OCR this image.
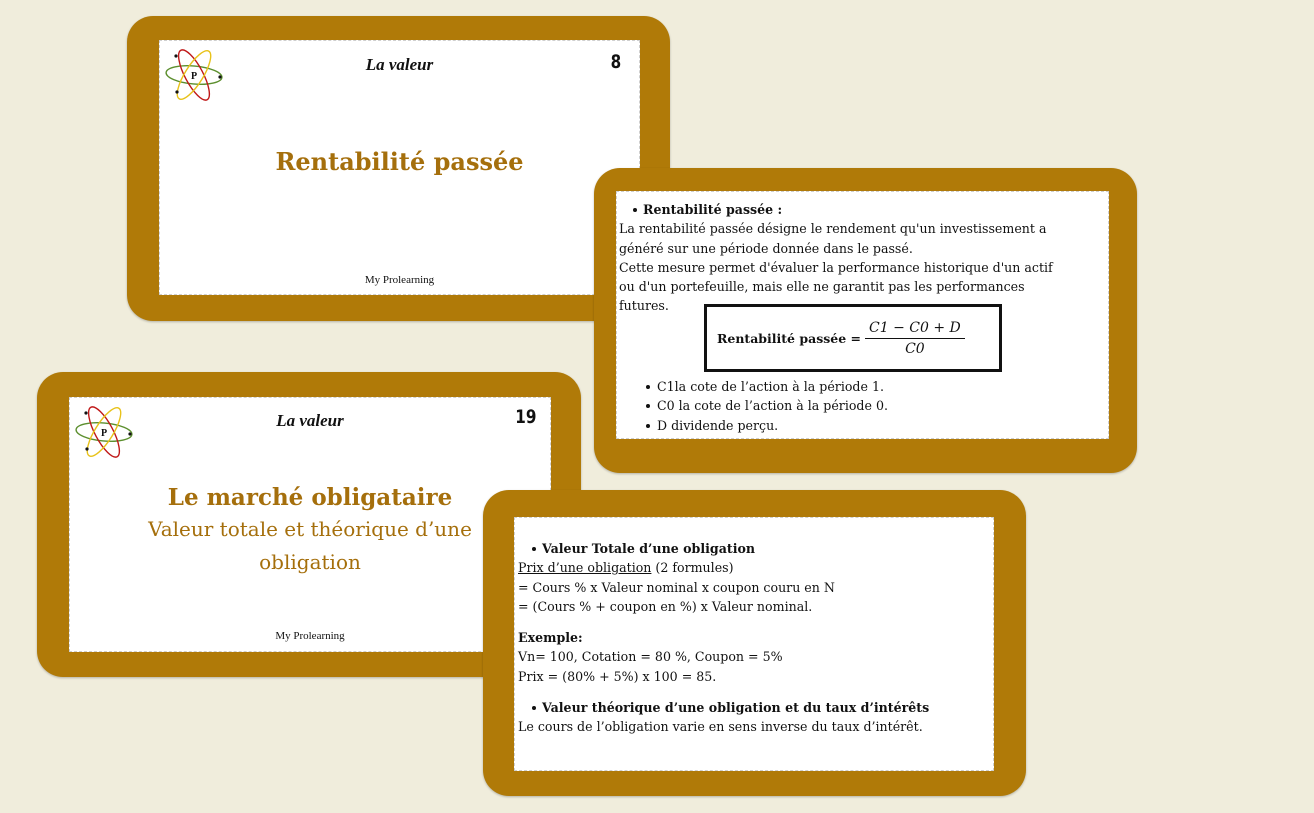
P
La valeur	8
Rentabilité passée
My Prolearning
P
La valeur	19
Le marché obligataire
Valeur totale et théorique d’une
obligation
My Prolearning
Rentabilité passée :
La rentabilité passée désigne le rendement qu'un investissement a
généré sur une période donnée dans le passé.
Cette mesure permet d'évaluer la performance historique d'un actif
ou d'un portefeuille, mais elle ne garantit pas les performances
futures.
Rentabilité passée = $\frac{C1 - C0 + D}{C0}$
C1la cote de l’action à la période 1.
C0 la cote de l’action à la période 0.
D dividende perçu.
Valeur Totale d’une obligation
Prix d’une obligation (2 formules)
= Cours % x Valeur nominal x coupon couru en N
= (Cours % + coupon en %) x Valeur nominal.
Exemple:
Vn= 100, Cotation = 80 %, Coupon = 5%
Prix = (80% + 5%) x 100 = 85.
Valeur théorique d’une obligation et du taux d’intérêts
Le cours de l’obligation varie en sens inverse du taux d’intérêt.
